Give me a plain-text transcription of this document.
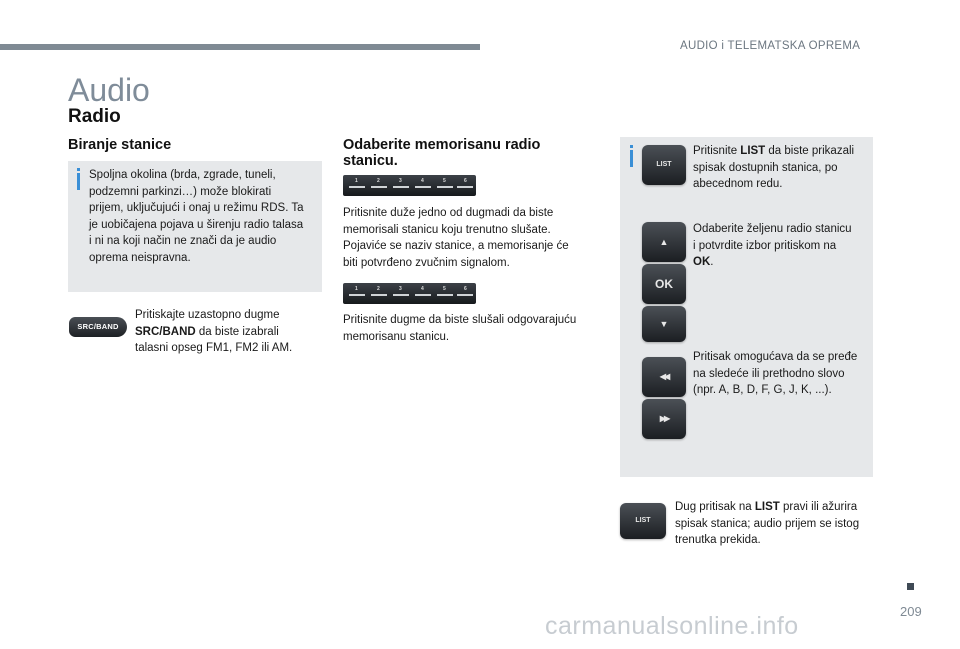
AUDIO i TELEMATSKA OPREMA
Audio
Radio
Biranje stanice
Spoljna okolina (brda, zgrade, tuneli,
podzemni parkinzi…) može blokirati
prijem, uključujući i onaj u režimu RDS. Ta
je uobičajena pojava u širenju radio talasa
i ni na koji način ne znači da je audio
oprema neispravna.
SRC/BAND
Pritiskajte uzastopno dugme
SRC/BAND da biste izabrali
talasni opseg FM1, FM2 ili AM.
Odaberite memorisanu radio
stanicu.
1	2	3	4	5	6
Pritisnite duže jedno od dugmadi da biste
memorisali stanicu koju trenutno slušate.
Pojaviće se naziv stanice, a memorisanje će
biti potvrđeno zvučnim signalom.
1	2	3	4	5	6
Pritisnite dugme da biste slušali odgovarajuću
memorisanu stanicu.
LIST
Pritisnite LIST da biste prikazali
spisak dostupnih stanica, po
abecednom redu.
▲
OK
▼
Odaberite željenu radio stanicu
i potvrdite izbor pritiskom na
OK.
◀◀
▶▶
Pritisak omogućava da se pređe
na sledeće ili prethodno slovo
(npr. A, B, D, F, G, J, K, ...).
LIST
Dug pritisak na LIST pravi ili ažurira
spisak stanica; audio prijem se istog
trenutka prekida.
209
carmanualsonline.info
